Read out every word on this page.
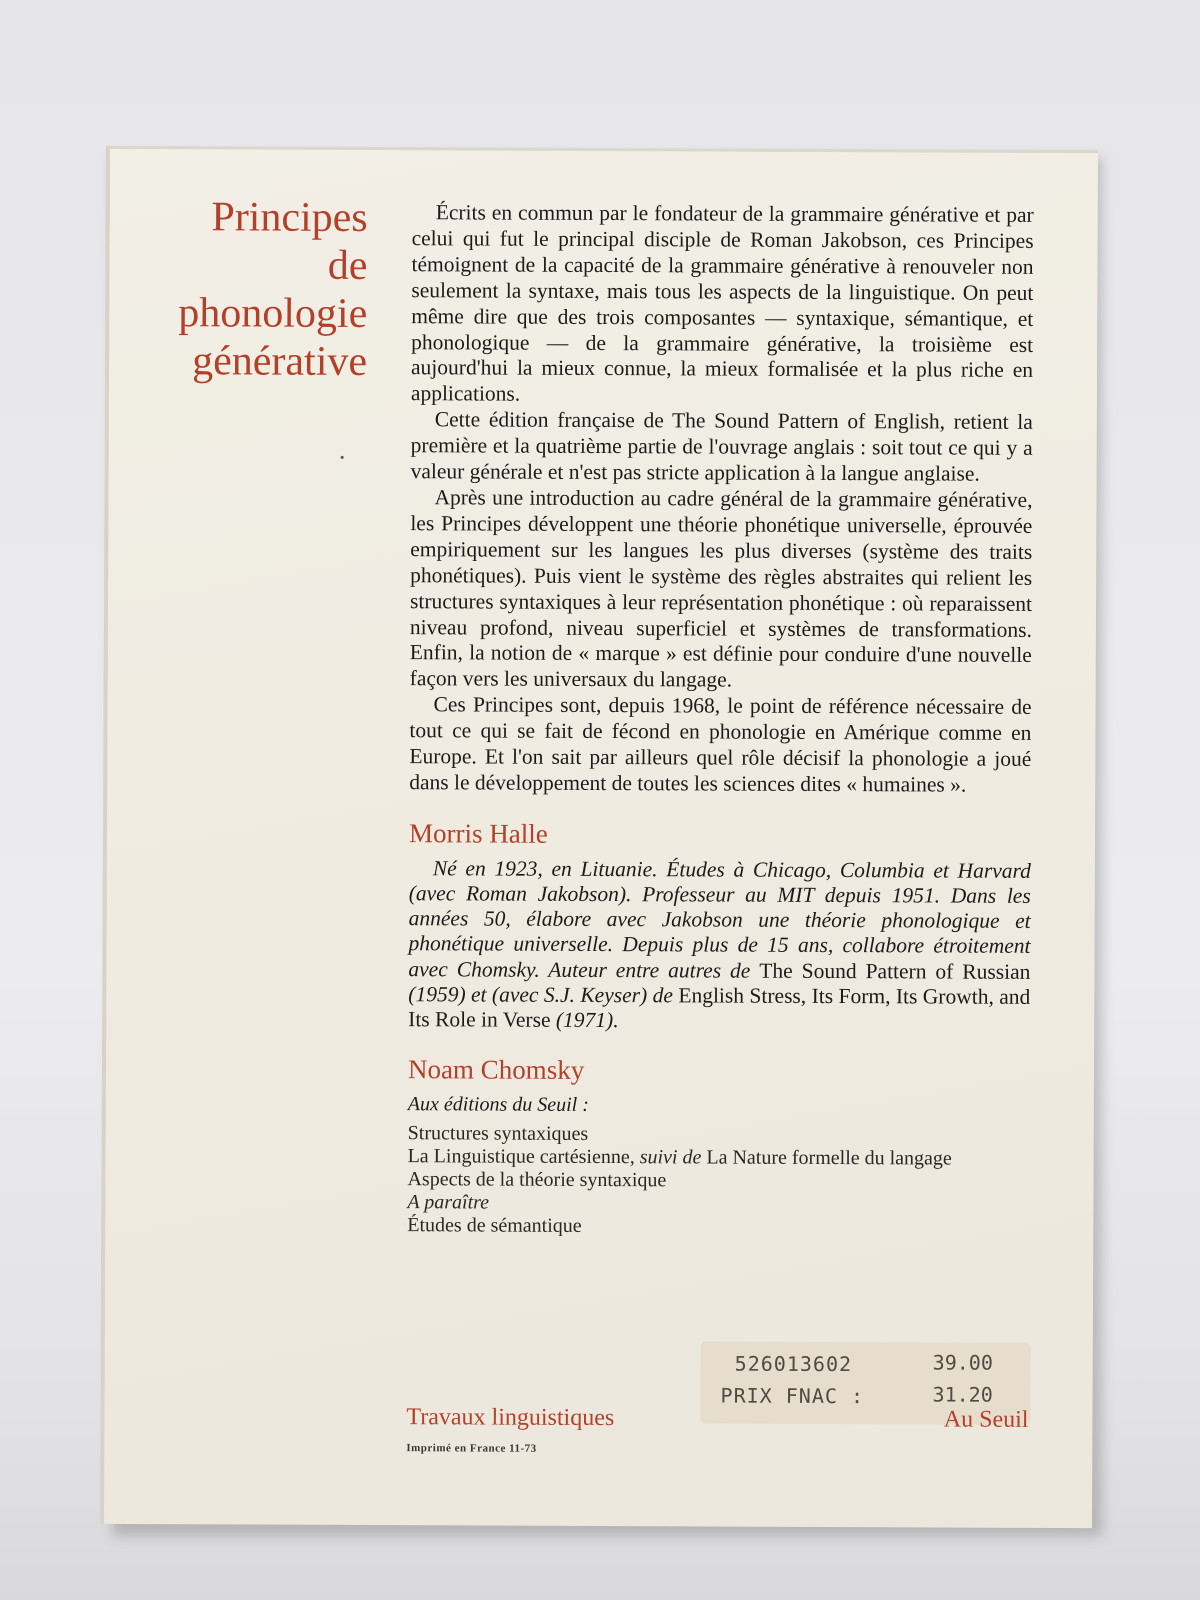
Principes
de
phonologie
générative

Écrits en commun par le fondateur de la grammaire générative et par celui qui fut le principal disciple de Roman Jakobson, ces Principes témoignent de la capacité de la grammaire générative à renouveler non seulement la syntaxe, mais tous les aspects de la linguistique. On peut même dire que des trois composantes — syntaxique, sémantique, et phonologique — de la grammaire générative, la troisième est aujourd'hui la mieux connue, la mieux formalisée et la plus riche en applications.

Cette édition française de The Sound Pattern of English, retient la première et la quatrième partie de l'ouvrage anglais : soit tout ce qui y a valeur générale et n'est pas stricte application à la langue anglaise.

Après une introduction au cadre général de la grammaire générative, les Principes développent une théorie phonétique universelle, éprouvée empiriquement sur les langues les plus diverses (système des traits phonétiques). Puis vient le système des règles abstraites qui relient les structures syntaxiques à leur représentation phonétique : où reparaissent niveau profond, niveau superficiel et systèmes de transformations. Enfin, la notion de « marque » est définie pour conduire d'une nouvelle façon vers les universaux du langage.

Ces Principes sont, depuis 1968, le point de référence nécessaire de tout ce qui se fait de fécond en phonologie en Amérique comme en Europe. Et l'on sait par ailleurs quel rôle décisif la phonologie a joué dans le développement de toutes les sciences dites « humaines ».

Morris Halle

Né en 1923, en Lituanie. Études à Chicago, Columbia et Harvard (avec Roman Jakobson). Professeur au MIT depuis 1951. Dans les années 50, élabore avec Jakobson une théorie phonologique et phonétique universelle. Depuis plus de 15 ans, collabore étroitement avec Chomsky. Auteur entre autres de The Sound Pattern of Russian (1959) et (avec S.J. Keyser) de English Stress, Its Form, Its Growth, and Its Role in Verse (1971).

Noam Chomsky

Aux éditions du Seuil :

Structures syntaxiques
La Linguistique cartésienne, suivi de La Nature formelle du langage
Aspects de la théorie syntaxique
A paraître
Études de sémantique
526013602	39.00
PRIX FNAC :	31.20
Travaux linguistiques	Au Seuil
Imprimé en France 11-73
